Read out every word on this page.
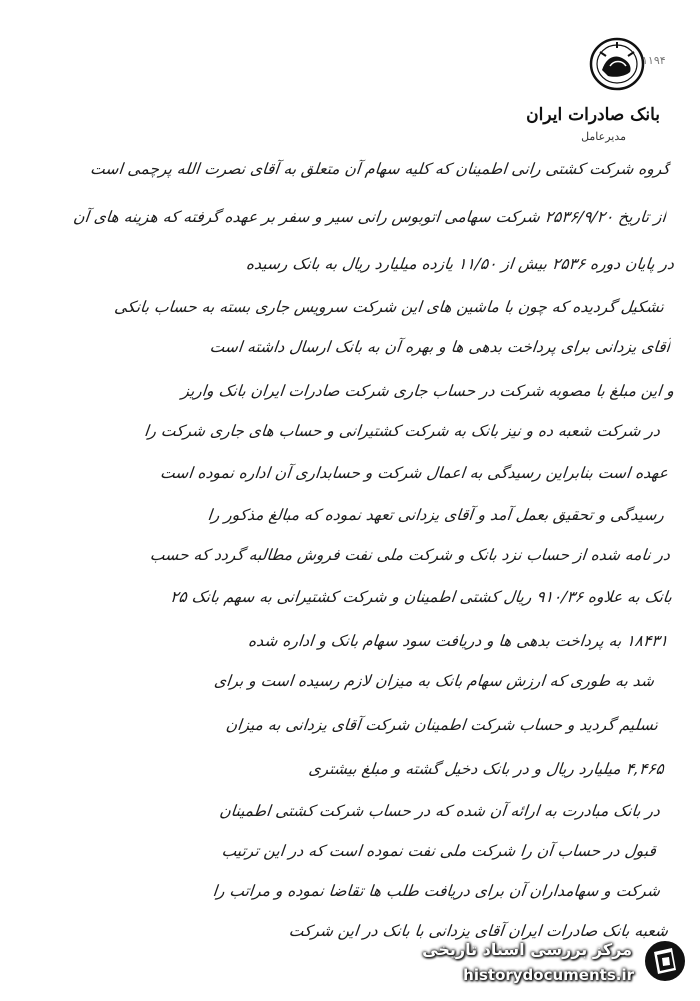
۱۱۹۴
بانک صادرات ایران
مدیرعامل
گروه شرکت کشتی رانی اطمینان که کلیه سهام آن متعلق به آقای نصرت الله پرچمی است
از تاریخ ۲۵۳۶/۹/۲۰ شرکت سهامی اتوبوس رانی سیر و سفر بر عهده گرفته که هزینه های آن
در پایان دوره ۲۵۳۶ بیش از ۱۱/۵۰ یازده میلیارد ریال به بانک رسیده
تشکیل گردیده که چون با ماشین های این شرکت سرویس جاری بسته به حساب بانکی
آقای یزدانی برای پرداخت بدهی ها و بهره آن به بانک ارسال داشته است
و این مبلغ با مصوبه شرکت در حساب جاری شرکت صادرات ایران بانک واریز
در شرکت شعبه ده و نیز بانک به شرکت کشتیرانی و حساب های جاری شرکت را
عهده است بنابراین رسیدگی به اعمال شرکت و حسابداری آن اداره نموده است
رسیدگی و تحقیق بعمل آمد و آقای یزدانی تعهد نموده که مبالغ مذکور را
در نامه شده از حساب نزد بانک و شرکت ملی نفت فروش مطالبه گردد که حسب
بانک به علاوه ۹۱۰/۳۶ ریال کشتی اطمینان و شرکت کشتیرانی به سهم بانک ۲۵
۱۸۴۳۱ به پرداخت بدهی ها و دریافت سود سهام بانک و اداره شده
شد به طوری که ارزش سهام بانک به میزان لازم رسیده است و برای
تسلیم گردید و حساب شرکت اطمینان شرکت آقای یزدانی به میزان
۴,۴۶۵ میلیارد ریال و در بانک دخیل گشته و مبلغ بیشتری
در بانک مبادرت به ارائه آن شده که در حساب شرکت کشتی اطمینان
قبول در حساب آن را شرکت ملی نفت نموده است که در این ترتیب
شرکت و سهامداران آن برای دریافت طلب ها تقاضا نموده و مراتب را
شعبه بانک صادرات ایران آقای یزدانی با بانک در این شرکت
مرکز بررسی اسناد تاریخی
historydocuments.ir
